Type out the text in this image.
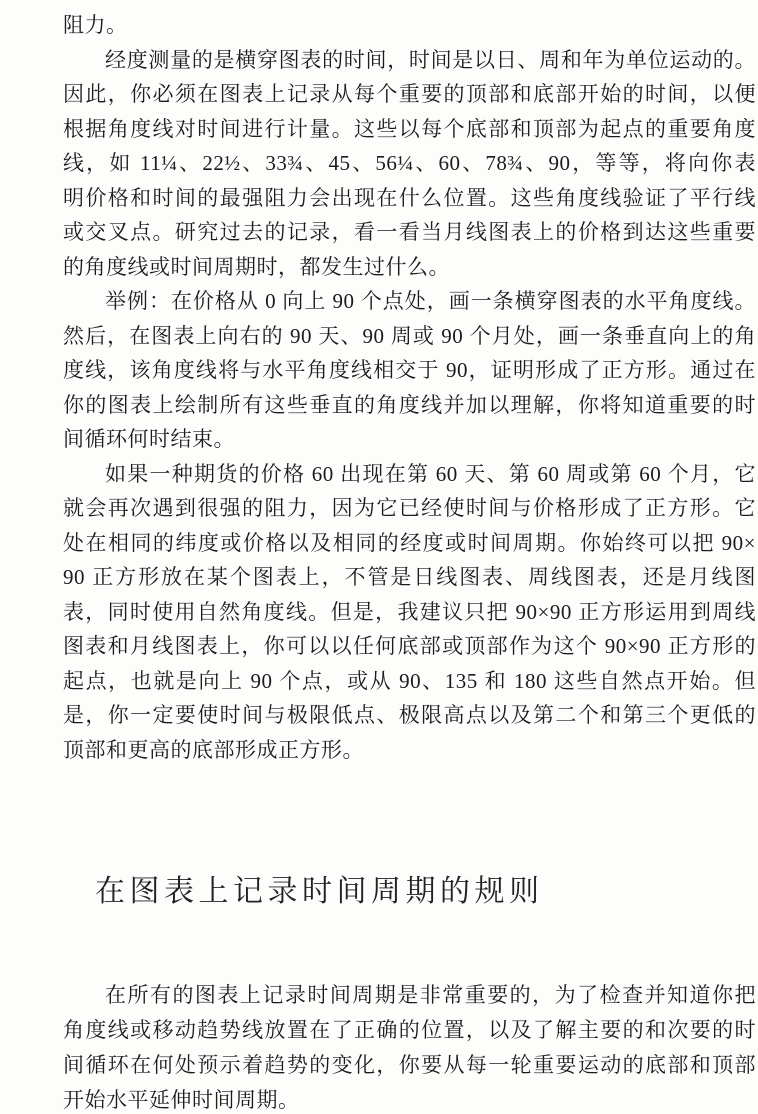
阻力。
经度测量的是横穿图表的时间，时间是以日、周和年为单位运动的。
因此，你必须在图表上记录从每个重要的顶部和底部开始的时间，以便
根据角度线对时间进行计量。这些以每个底部和顶部为起点的重要角度
线，如 11¼、22½、33¾、45、56¼、60、78¾、90，等等，将向你表
明价格和时间的最强阻力会出现在什么位置。这些角度线验证了平行线
或交叉点。研究过去的记录，看一看当月线图表上的价格到达这些重要
的角度线或时间周期时，都发生过什么。
举例：在价格从 0 向上 90 个点处，画一条横穿图表的水平角度线。
然后，在图表上向右的 90 天、90 周或 90 个月处，画一条垂直向上的角
度线，该角度线将与水平角度线相交于 90，证明形成了正方形。通过在
你的图表上绘制所有这些垂直的角度线并加以理解，你将知道重要的时
间循环何时结束。
如果一种期货的价格 60 出现在第 60 天、第 60 周或第 60 个月，它
就会再次遇到很强的阻力，因为它已经使时间与价格形成了正方形。它
处在相同的纬度或价格以及相同的经度或时间周期。你始终可以把 90×
90 正方形放在某个图表上，不管是日线图表、周线图表，还是月线图
表，同时使用自然角度线。但是，我建议只把 90×90 正方形运用到周线
图表和月线图表上，你可以以任何底部或顶部作为这个 90×90 正方形的
起点，也就是向上 90 个点，或从 90、135 和 180 这些自然点开始。但
是，你一定要使时间与极限低点、极限高点以及第二个和第三个更低的
顶部和更高的底部形成正方形。
在图表上记录时间周期的规则
在所有的图表上记录时间周期是非常重要的，为了检查并知道你把
角度线或移动趋势线放置在了正确的位置，以及了解主要的和次要的时
间循环在何处预示着趋势的变化，你要从每一轮重要运动的底部和顶部
开始水平延伸时间周期。
